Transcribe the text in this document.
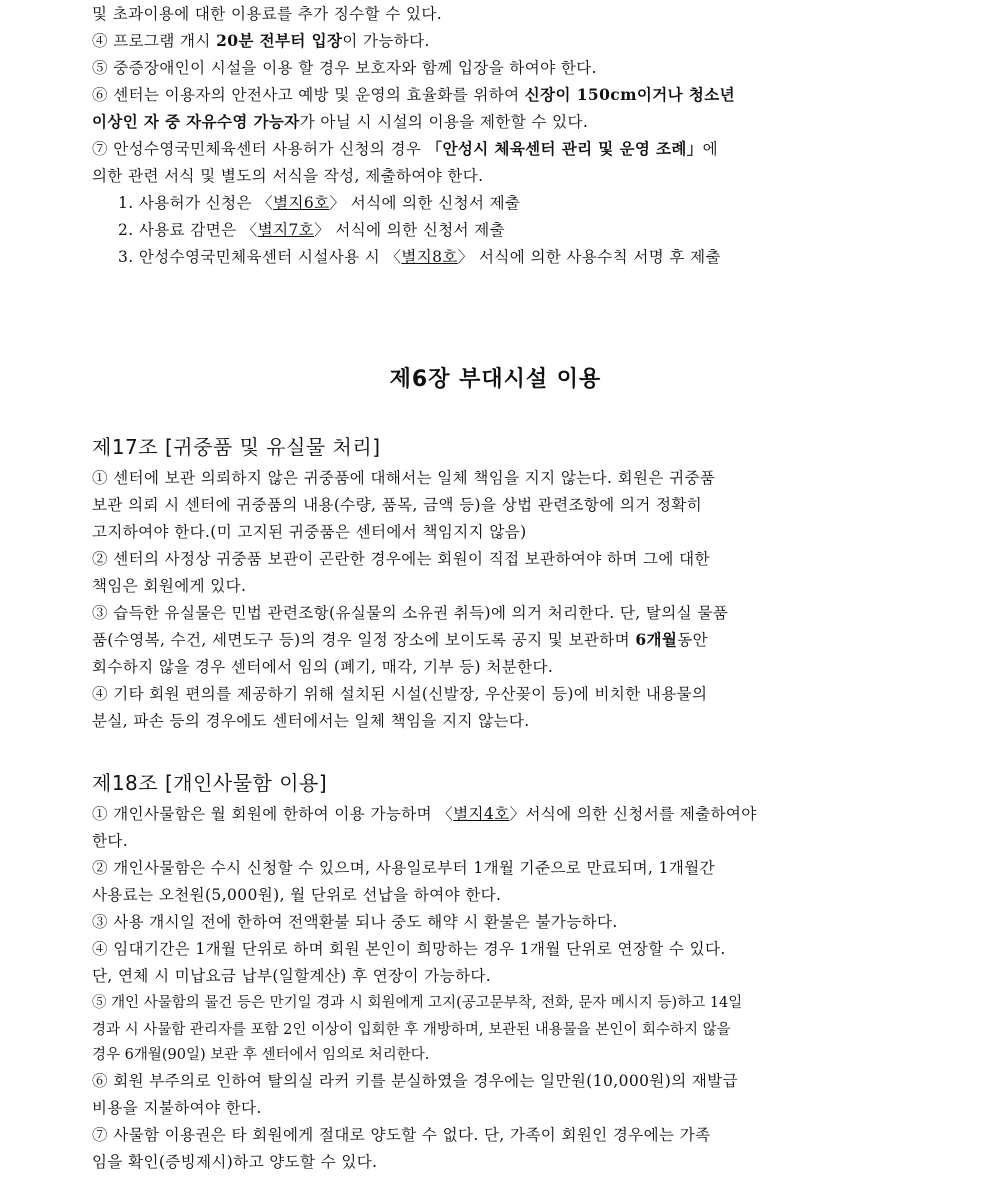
및 초과이용에 대한 이용료를 추가 징수할 수 있다.
④ 프로그램 개시 20분 전부터 입장이 가능하다.
⑤ 중증장애인이 시설을 이용 할 경우 보호자와 함께 입장을 하여야 한다.
⑥ 센터는 이용자의 안전사고 예방 및 운영의 효율화를 위하여 신장이 150cm이거나 청소년
이상인 자 중 자유수영 가능자가 아닐 시 시설의 이용을 제한할 수 있다.
⑦ 안성수영국민체육센터 사용허가 신청의 경우 「안성시 체육센터 관리 및 운영 조례」에
의한 관련 서식 및 별도의 서식을 작성, 제출하여야 한다.
1. 사용허가 신청은 〈별지6호〉 서식에 의한 신청서 제출
2. 사용료 감면은 〈별지7호〉 서식에 의한 신청서 제출
3. 안성수영국민체육센터 시설사용 시 〈별지8호〉 서식에 의한 사용수칙 서명 후 제출
제6장 부대시설 이용
제17조 [귀중품 및 유실물 처리]
① 센터에 보관 의뢰하지 않은 귀중품에 대해서는 일체 책임을 지지 않는다. 회원은 귀중품
보관 의뢰 시 센터에 귀중품의 내용(수량, 품목, 금액 등)을 상법 관련조항에 의거 정확히
고지하여야 한다.(미 고지된 귀중품은 센터에서 책임지지 않음)
② 센터의 사정상 귀중품 보관이 곤란한 경우에는 회원이 직접 보관하여야 하며 그에 대한
책임은 회원에게 있다.
③ 습득한 유실물은 민법 관련조항(유실물의 소유권 취득)에 의거 처리한다. 단, 탈의실 물품
품(수영복, 수건, 세면도구 등)의 경우 일정 장소에 보이도록 공지 및 보관하며 6개월동안
회수하지 않을 경우 센터에서 임의 (폐기, 매각, 기부 등) 처분한다.
④ 기타 회원 편의를 제공하기 위해 설치된 시설(신발장, 우산꽂이 등)에 비치한 내용물의
분실, 파손 등의 경우에도 센터에서는 일체 책임을 지지 않는다.
제18조 [개인사물함 이용]
① 개인사물함은 월 회원에 한하여 이용 가능하며 〈별지4호〉서식에 의한 신청서를 제출하여야
한다.
② 개인사물함은 수시 신청할 수 있으며, 사용일로부터 1개월 기준으로 만료되며, 1개월간
사용료는 오천원(5,000원), 월 단위로 선납을 하여야 한다.
③ 사용 개시일 전에 한하여 전액환불 되나 중도 해약 시 환불은 불가능하다.
④ 임대기간은 1개월 단위로 하며 회원 본인이 희망하는 경우 1개월 단위로 연장할 수 있다.
단, 연체 시 미납요금 납부(일할계산) 후 연장이 가능하다.
⑤ 개인 사물함의 물건 등은 만기일 경과 시 회원에게 고지(공고문부착, 전화, 문자 메시지 등)하고 14일
경과 시 사물함 관리자를 포함 2인 이상이 입회한 후 개방하며, 보관된 내용물을 본인이 회수하지 않을
경우 6개월(90일) 보관 후 센터에서 임의로 처리한다.
⑥ 회원 부주의로 인하여 탈의실 라커 키를 분실하였을 경우에는 일만원(10,000원)의 재발급
비용을 지불하여야 한다.
⑦ 사물함 이용권은 타 회원에게 절대로 양도할 수 없다. 단, 가족이 회원인 경우에는 가족
임을 확인(증빙제시)하고 양도할 수 있다.
